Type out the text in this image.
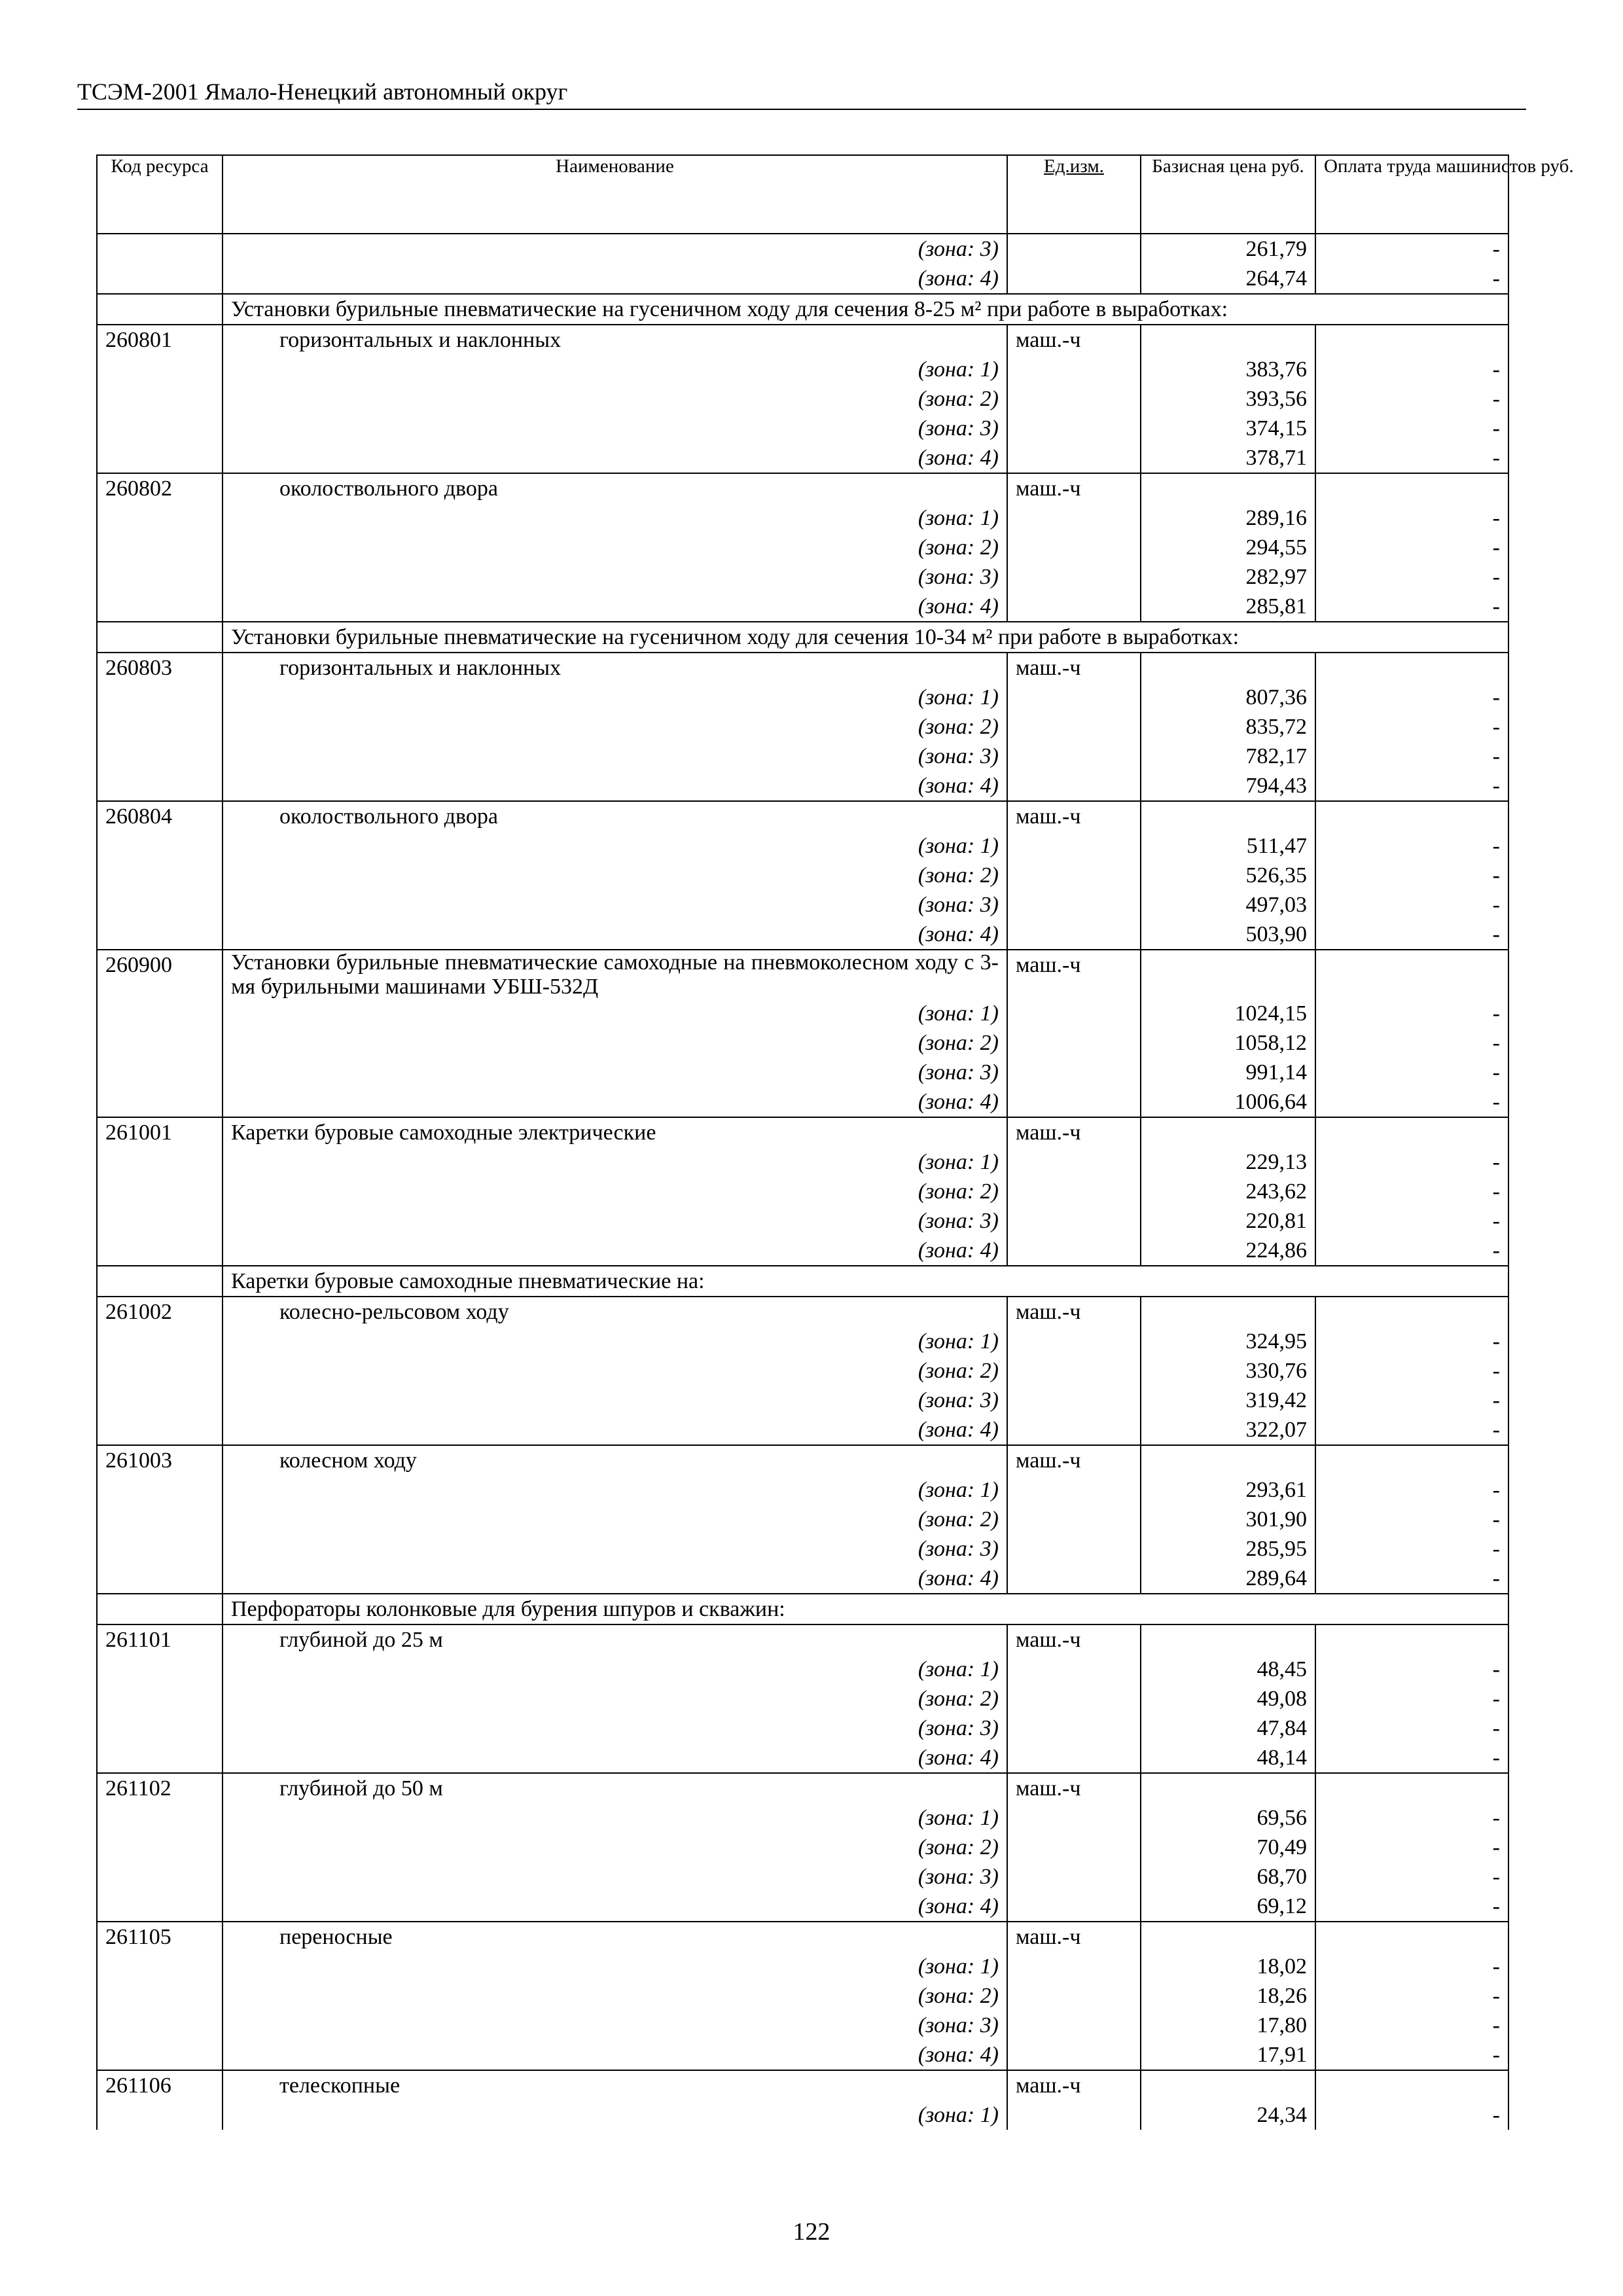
ТСЭМ-2001 Ямало-Ненецкий автономный округ
Код ресурса	Наименование	Ед.изм.	Базисная цена руб.	Оплата труда машинистов руб.
	(зона: 3)		261,79	-
	(зона: 4)		264,74	-
	Установки бурильные пневматические на гусеничном ходу для сечения 8-25 м² при работе в выработках:			
260801	горизонтальных и наклонных	маш.-ч		
	(зона: 1)		383,76	-
	(зона: 2)		393,56	-
	(зона: 3)		374,15	-
	(зона: 4)		378,71	-
260802	околоствольного двора	маш.-ч		
	(зона: 1)		289,16	-
	(зона: 2)		294,55	-
	(зона: 3)		282,97	-
	(зона: 4)		285,81	-
	Установки бурильные пневматические на гусеничном ходу для сечения 10-34 м² при работе в выработках:			
260803	горизонтальных и наклонных	маш.-ч		
	(зона: 1)		807,36	-
	(зона: 2)		835,72	-
	(зона: 3)		782,17	-
	(зона: 4)		794,43	-
260804	околоствольного двора	маш.-ч		
	(зона: 1)		511,47	-
	(зона: 2)		526,35	-
	(зона: 3)		497,03	-
	(зона: 4)		503,90	-
260900	Установки бурильные пневматические самоходные на пневмоколесном ходу с 3-мя бурильными машинами УБШ-532Д	маш.-ч		
	(зона: 1)		1024,15	-
	(зона: 2)		1058,12	-
	(зона: 3)		991,14	-
	(зона: 4)		1006,64	-
261001	Каретки буровые самоходные электрические	маш.-ч		
	(зона: 1)		229,13	-
	(зона: 2)		243,62	-
	(зона: 3)		220,81	-
	(зона: 4)		224,86	-
	Каретки буровые самоходные пневматические на:			
261002	колесно-рельсовом ходу	маш.-ч		
	(зона: 1)		324,95	-
	(зона: 2)		330,76	-
	(зона: 3)		319,42	-
	(зона: 4)		322,07	-
261003	колесном ходу	маш.-ч		
	(зона: 1)		293,61	-
	(зона: 2)		301,90	-
	(зона: 3)		285,95	-
	(зона: 4)		289,64	-
	Перфораторы колонковые для бурения шпуров и скважин:			
261101	глубиной до 25 м	маш.-ч		
	(зона: 1)		48,45	-
	(зона: 2)		49,08	-
	(зона: 3)		47,84	-
	(зона: 4)		48,14	-
261102	глубиной до 50 м	маш.-ч		
	(зона: 1)		69,56	-
	(зона: 2)		70,49	-
	(зона: 3)		68,70	-
	(зона: 4)		69,12	-
261105	переносные	маш.-ч		
	(зона: 1)		18,02	-
	(зона: 2)		18,26	-
	(зона: 3)		17,80	-
	(зона: 4)		17,91	-
261106	телескопные	маш.-ч		
	(зона: 1)		24,34	-
122
